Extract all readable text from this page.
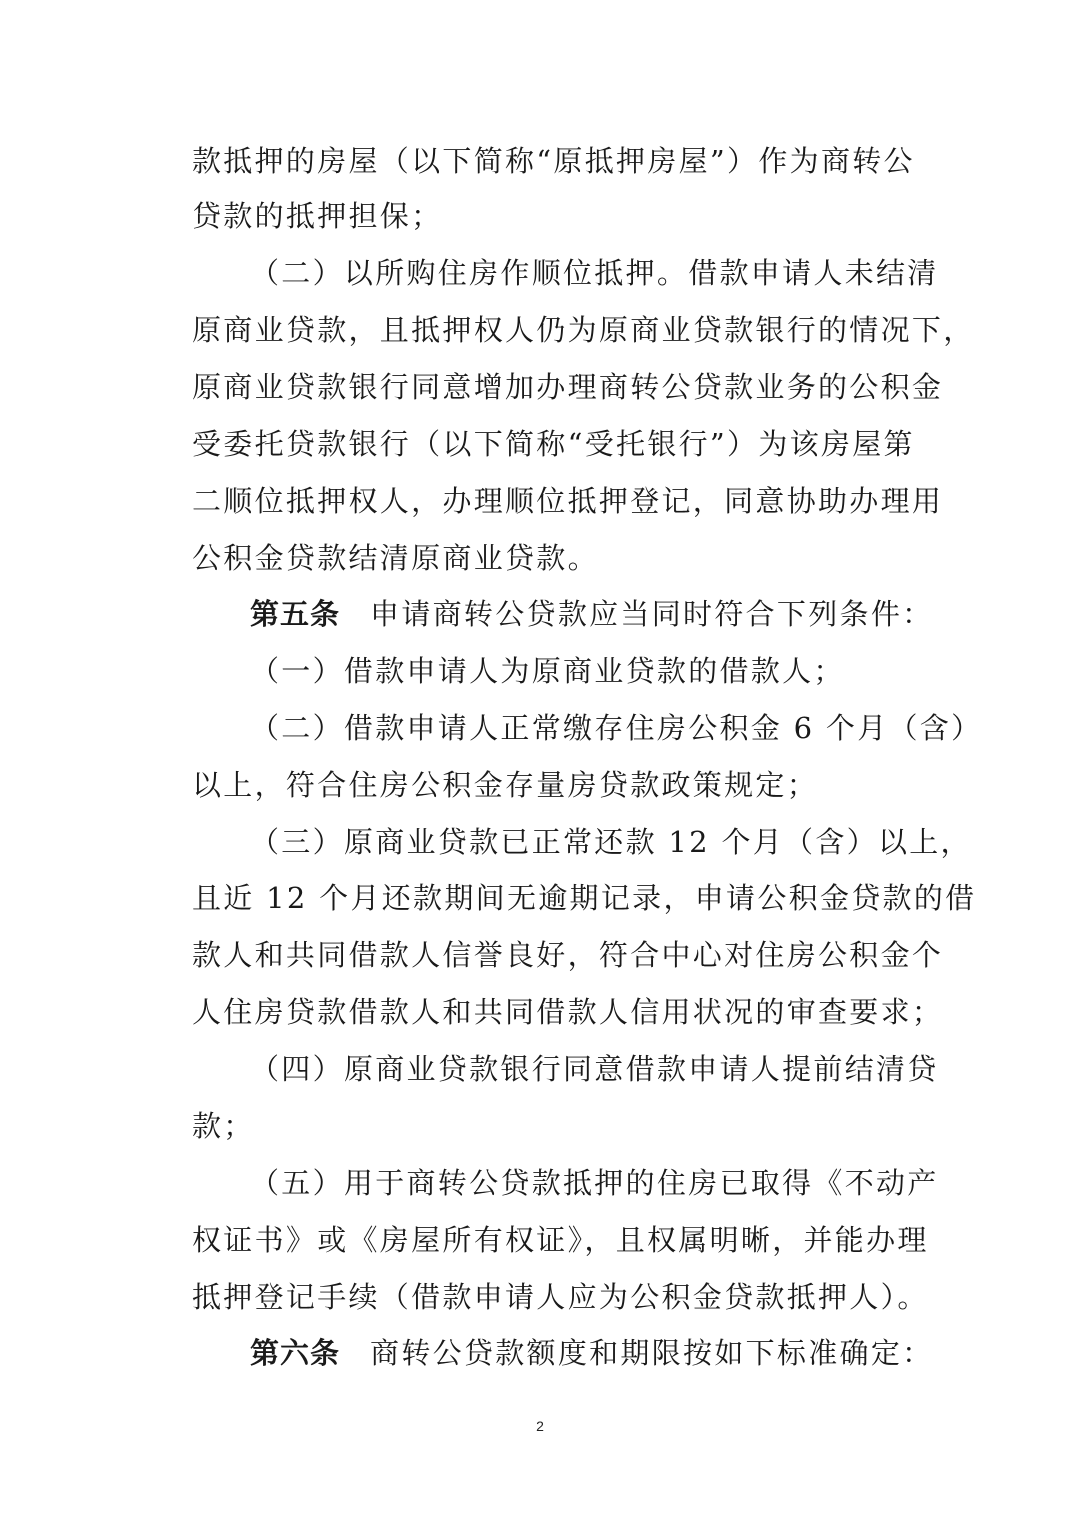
款抵押的房屋（以下简称“原抵押房屋”）作为商转公
贷款的抵押担保；
（二）以所购住房作顺位抵押。借款申请人未结清
原商业贷款，且抵押权人仍为原商业贷款银行的情况下，
原商业贷款银行同意增加办理商转公贷款业务的公积金
受委托贷款银行（以下简称“受托银行”）为该房屋第
二顺位抵押权人，办理顺位抵押登记，同意协助办理用
公积金贷款结清原商业贷款。
第五条 申请商转公贷款应当同时符合下列条件：
（一）借款申请人为原商业贷款的借款人；
（二）借款申请人正常缴存住房公积金 6 个月（含）
以上，符合住房公积金存量房贷款政策规定；
（三）原商业贷款已正常还款 12 个月（含）以上，
且近 12 个月还款期间无逾期记录，申请公积金贷款的借
款人和共同借款人信誉良好，符合中心对住房公积金个
人住房贷款借款人和共同借款人信用状况的审查要求；
（四）原商业贷款银行同意借款申请人提前结清贷
款；
（五）用于商转公贷款抵押的住房已取得《不动产
权证书》或《房屋所有权证》，且权属明晰，并能办理
抵押登记手续（借款申请人应为公积金贷款抵押人）。
第六条 商转公贷款额度和期限按如下标准确定：
2
